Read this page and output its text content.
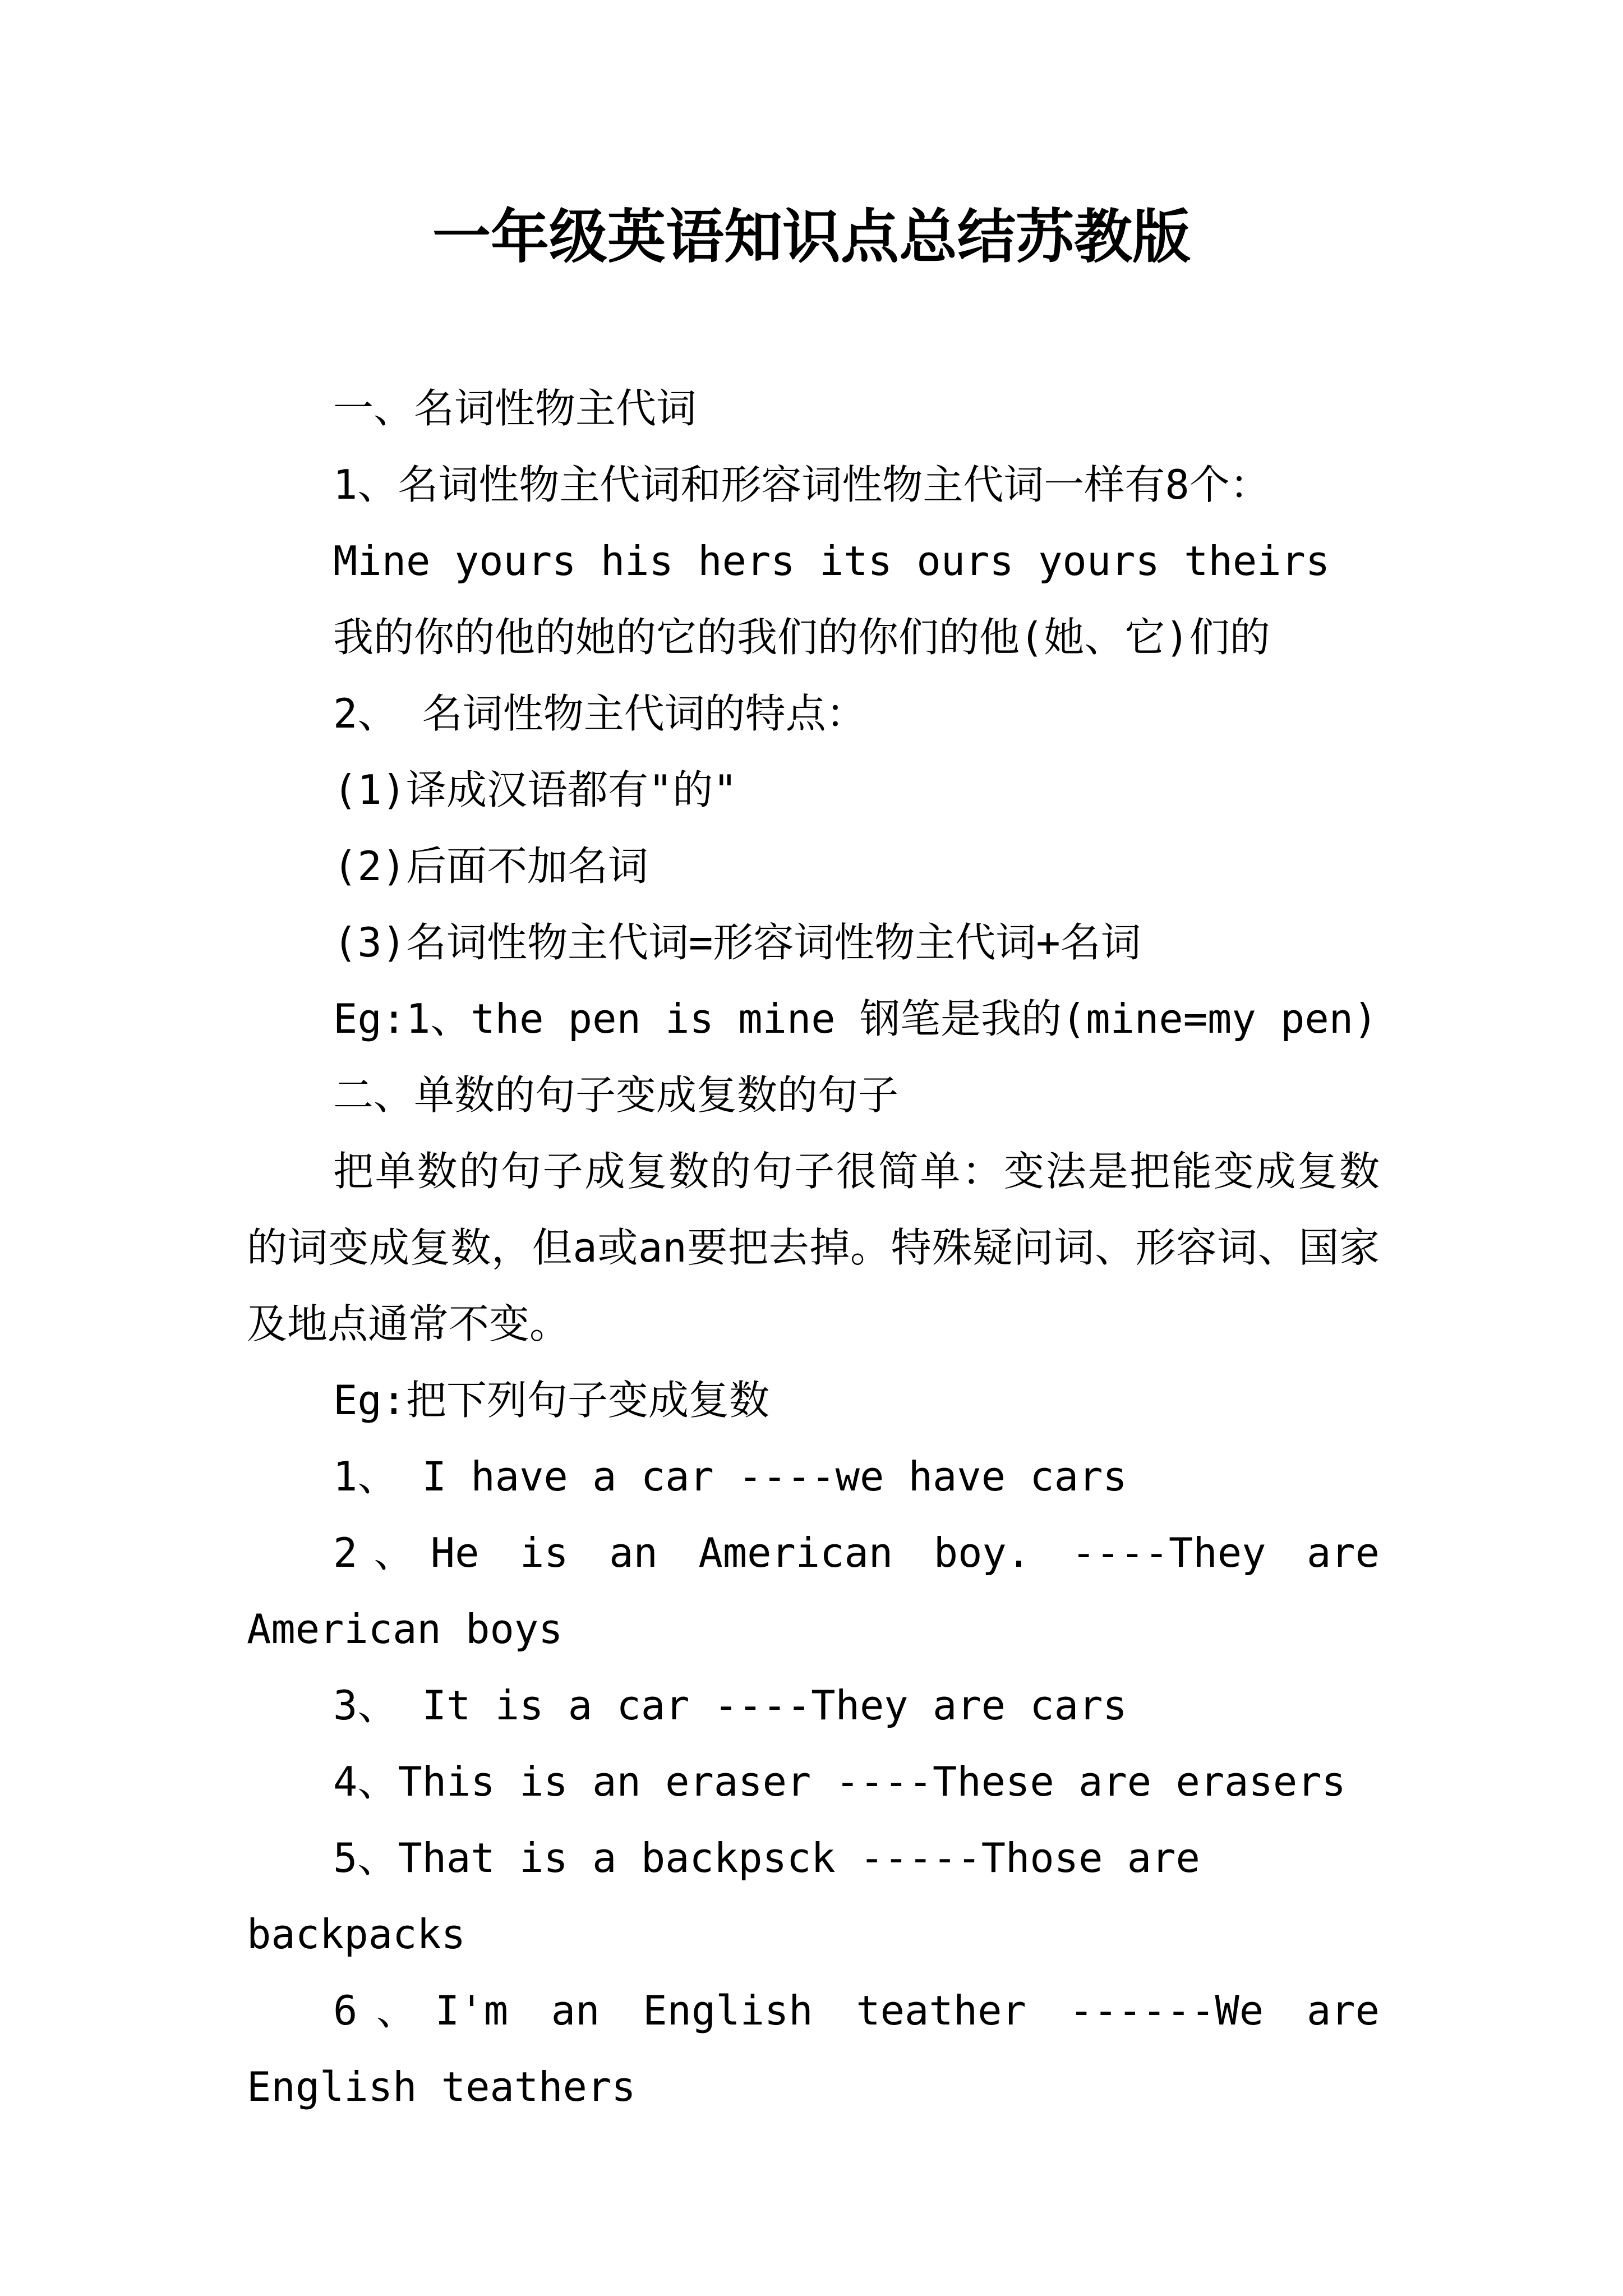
一年级英语知识点总结苏教版

一、名词性物主代词

1、名词性物主代词和形容词性物主代词一样有8个：

Mine yours his hers its ours yours theirs

我的你的他的她的它的我们的你们的他(她、它)们的

2、 名词性物主代词的特点：

(1)译成汉语都有"的"

(2)后面不加名词

(3)名词性物主代词=形容词性物主代词+名词

Eg:1、the pen is mine 钢笔是我的(mine=my pen)

二、单数的句子变成复数的句子

把单数的句子成复数的句子很简单：变法是把能变成复数的词变成复数，但a或an要把去掉。特殊疑问词、形容词、国家及地点通常不变。

Eg:把下列句子变成复数

1、 I have a car ----we have cars

2、He is an American boy. ----They are American boys

3、 It is a car ----They are cars

4、This is an eraser ----These are erasers

5、That is a backpsck -----Those are backpacks

6、I'm an English teather ------We are English teathers
